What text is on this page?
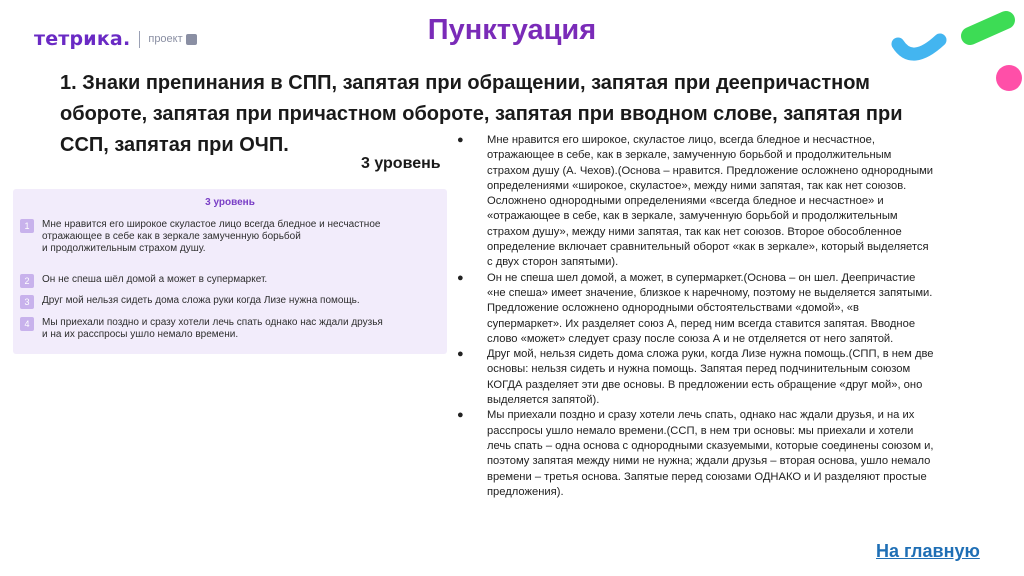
тетрика. проект	Пунктуация
1. Знаки препинания в СПП, запятая при обращении, запятая при деепричастном
обороте, запятая при причастном обороте, запятая при вводном слове, запятая при
ССП, запятая при ОЧП.
3 уровень
3 уровень
1	Мне нравится его широкое скуластое лицо всегда бледное и несчастное
отражающее в себе как в зеркале замученную борьбой
и продолжительным страхом душу.
2	Он не спеша шёл домой а может в супермаркет.
3	Друг мой нельзя сидеть дома сложа руки когда Лизе нужна помощь.
4	Мы приехали поздно и сразу хотели лечь спать однако нас ждали друзья
и на их расспросы ушло немало времени.
● Мне нравится его широкое, скуластое лицо, всегда бледное и несчастное,
отражающее в себе, как в зеркале, замученную борьбой и продолжительным
страхом душу (А. Чехов).(Основа – нравится. Предложение осложнено однородными
определениями «широкое, скуластое», между ними запятая, так как нет союзов.
Осложнено однородными определениями «всегда бледное и несчастное» и
«отражающее в себе, как в зеркале, замученную борьбой и продолжительным
страхом душу», между ними запятая, так как нет союзов. Второе обособленное
определение включает сравнительный оборот «как в зеркале», который выделяется
с двух сторон запятыми).
● Он не спеша шел домой, а может, в супермаркет.(Основа – он шел. Деепричастие
«не спеша» имеет значение, близкое к наречному, поэтому не выделяется запятыми.
Предложение осложнено однородными обстоятельствами «домой», «в
супермаркет». Их разделяет союз А, перед ним всегда ставится запятая. Вводное
слово «может» следует сразу после союза А и не отделяется от него запятой.
● Друг мой, нельзя сидеть дома сложа руки, когда Лизе нужна помощь.(СПП, в нем две
основы: нельзя сидеть и нужна помощь. Запятая перед подчинительным союзом
КОГДА разделяет эти две основы. В предложении есть обращение «друг мой», оно
выделяется запятой).
● Мы приехали поздно и сразу хотели лечь спать, однако нас ждали друзья, и на их
расспросы ушло немало времени.(ССП, в нем три основы: мы приехали и хотели
лечь спать – одна основа с однородными сказуемыми, которые соединены союзом и,
поэтому запятая между ними не нужна; ждали друзья – вторая основа, ушло немало
времени – третья основа. Запятые перед союзами ОДНАКО и И разделяют простые
предложения).
На главную
